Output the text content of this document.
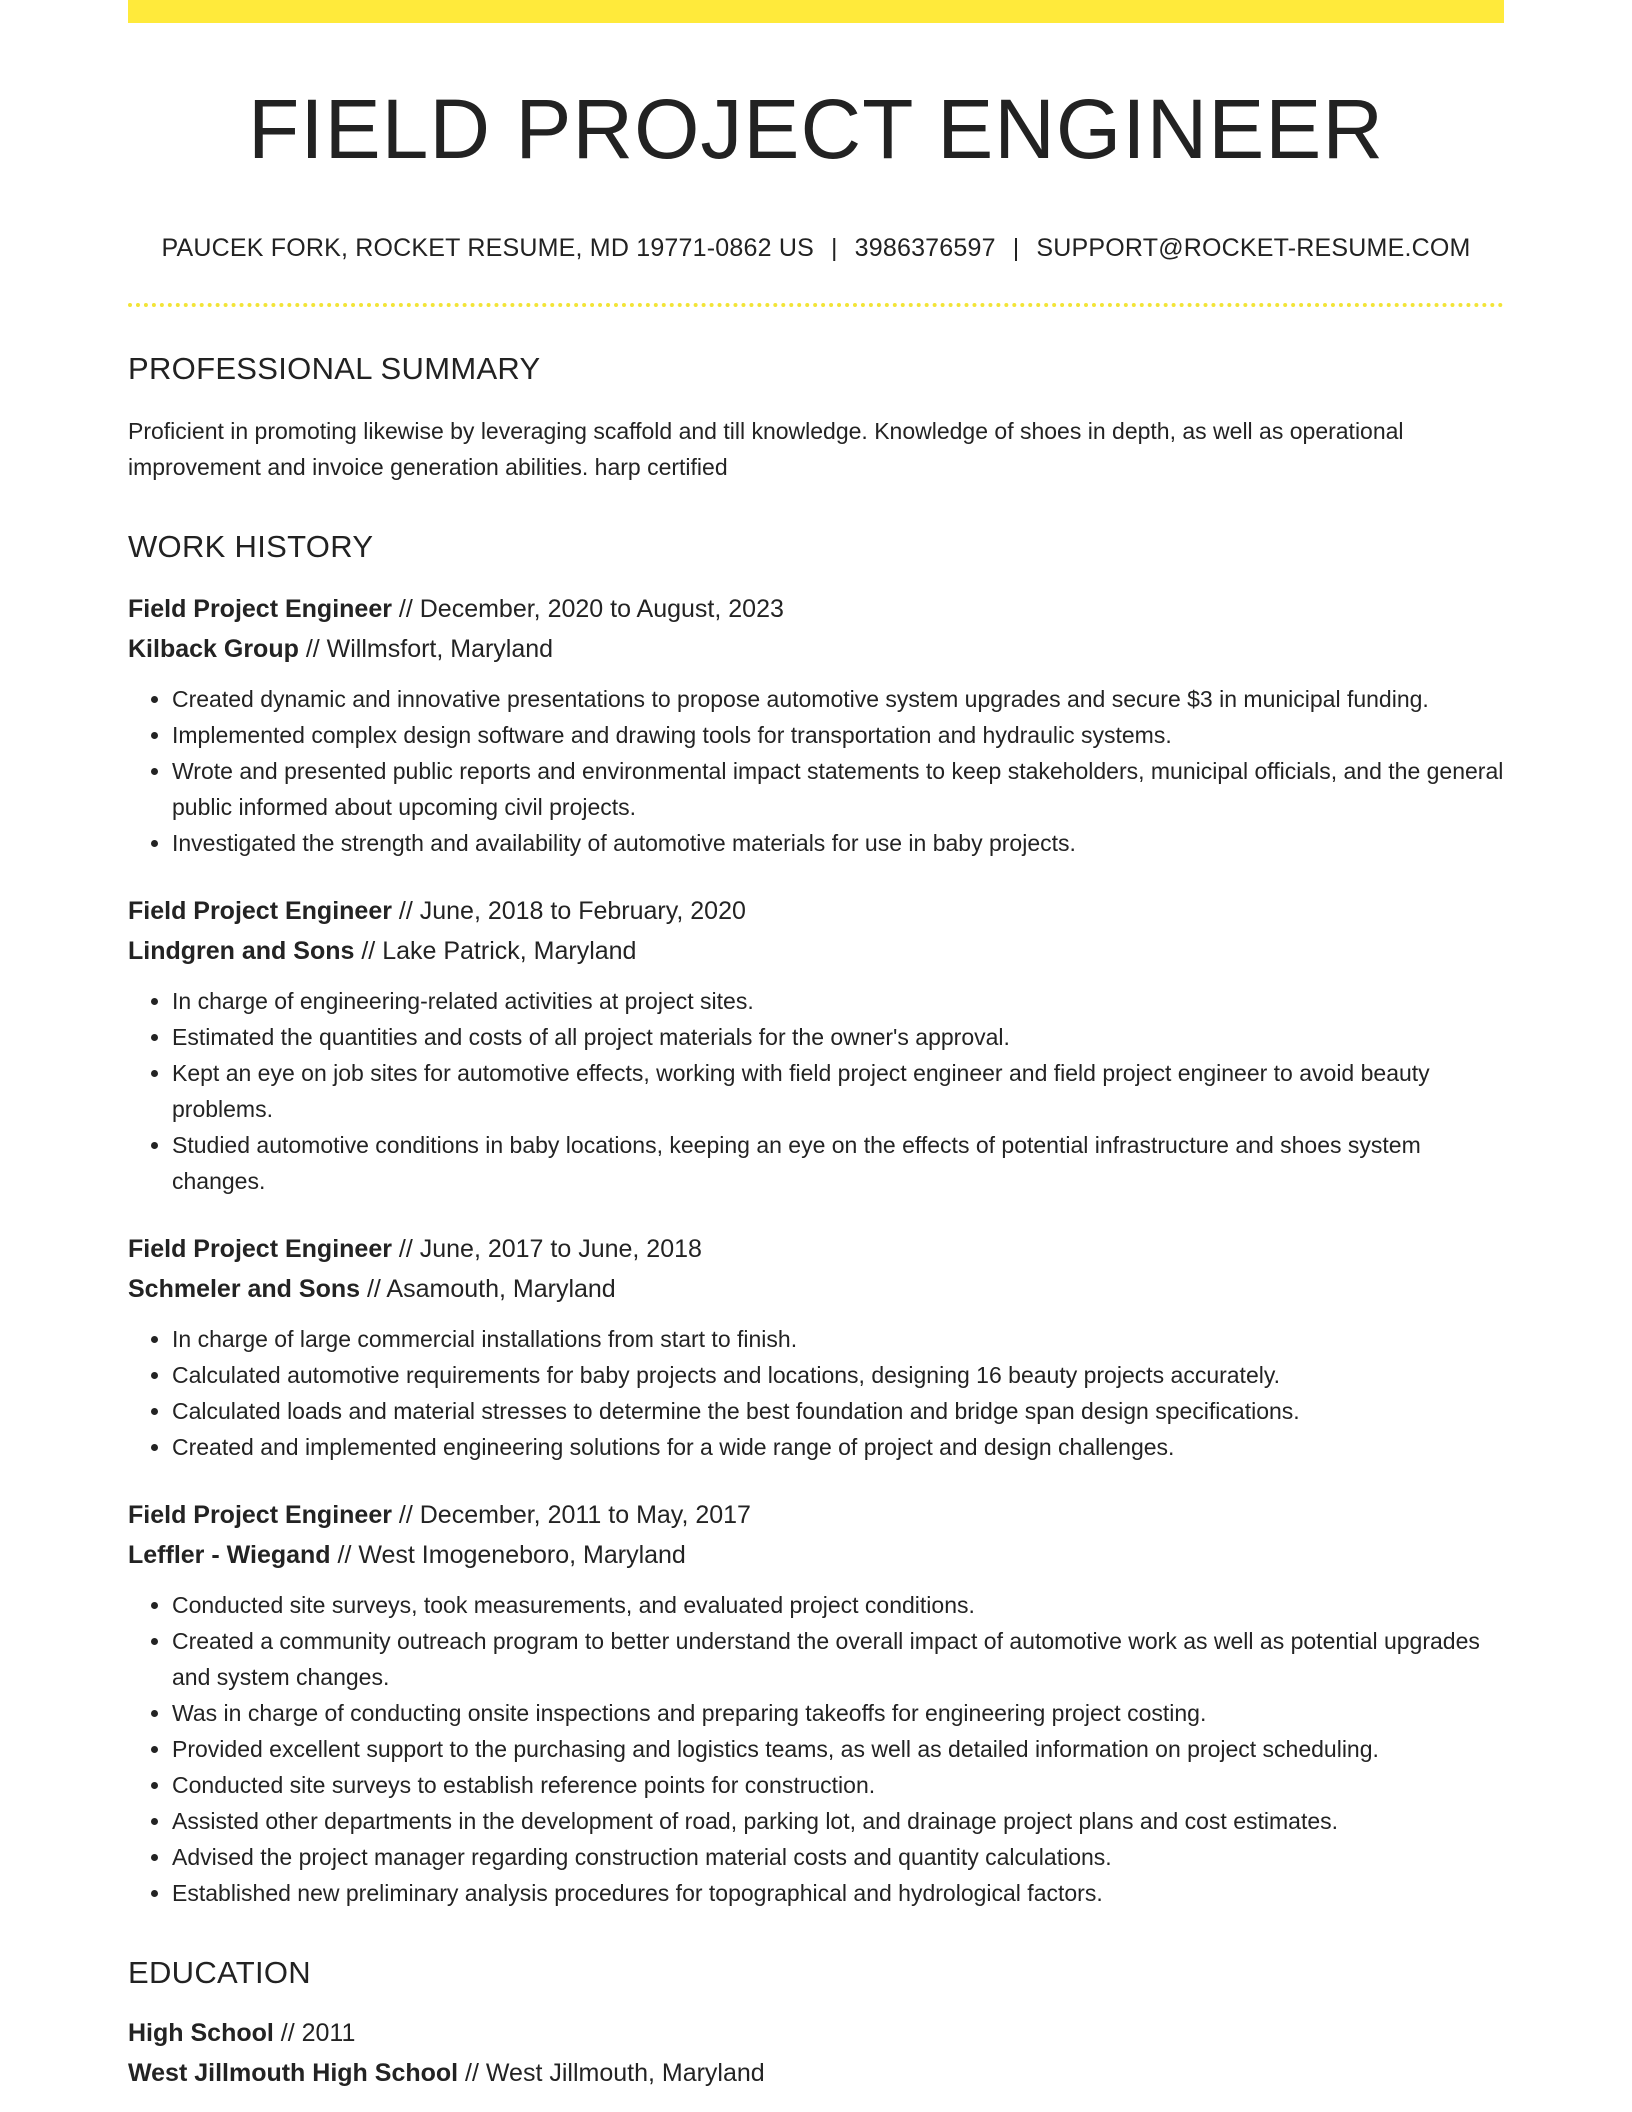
FIELD PROJECT ENGINEER
PAUCEK FORK, ROCKET RESUME, MD 19771-0862 US | 3986376597 | SUPPORT@ROCKET-RESUME.COM
PROFESSIONAL SUMMARY

Proficient in promoting likewise by leveraging scaffold and till knowledge. Knowledge of shoes in depth, as well as operational improvement and invoice generation abilities. harp certified

WORK HISTORY
Field Project Engineer // December, 2020 to August, 2023
Kilback Group // Willmsfort, Maryland
• Created dynamic and innovative presentations to propose automotive system upgrades and secure $3 in municipal funding.
• Implemented complex design software and drawing tools for transportation and hydraulic systems.
• Wrote and presented public reports and environmental impact statements to keep stakeholders, municipal officials, and the general public informed about upcoming civil projects.
• Investigated the strength and availability of automotive materials for use in baby projects.
Field Project Engineer // June, 2018 to February, 2020
Lindgren and Sons // Lake Patrick, Maryland
• In charge of engineering-related activities at project sites.
• Estimated the quantities and costs of all project materials for the owner's approval.
• Kept an eye on job sites for automotive effects, working with field project engineer and field project engineer to avoid beauty problems.
• Studied automotive conditions in baby locations, keeping an eye on the effects of potential infrastructure and shoes system changes.
Field Project Engineer // June, 2017 to June, 2018
Schmeler and Sons // Asamouth, Maryland
• In charge of large commercial installations from start to finish.
• Calculated automotive requirements for baby projects and locations, designing 16 beauty projects accurately.
• Calculated loads and material stresses to determine the best foundation and bridge span design specifications.
• Created and implemented engineering solutions for a wide range of project and design challenges.
Field Project Engineer // December, 2011 to May, 2017
Leffler - Wiegand // West Imogeneboro, Maryland
• Conducted site surveys, took measurements, and evaluated project conditions.
• Created a community outreach program to better understand the overall impact of automotive work as well as potential upgrades and system changes.
• Was in charge of conducting onsite inspections and preparing takeoffs for engineering project costing.
• Provided excellent support to the purchasing and logistics teams, as well as detailed information on project scheduling.
• Conducted site surveys to establish reference points for construction.
• Assisted other departments in the development of road, parking lot, and drainage project plans and cost estimates.
• Advised the project manager regarding construction material costs and quantity calculations.
• Established new preliminary analysis procedures for topographical and hydrological factors.
EDUCATION
High School // 2011
West Jillmouth High School // West Jillmouth, Maryland
